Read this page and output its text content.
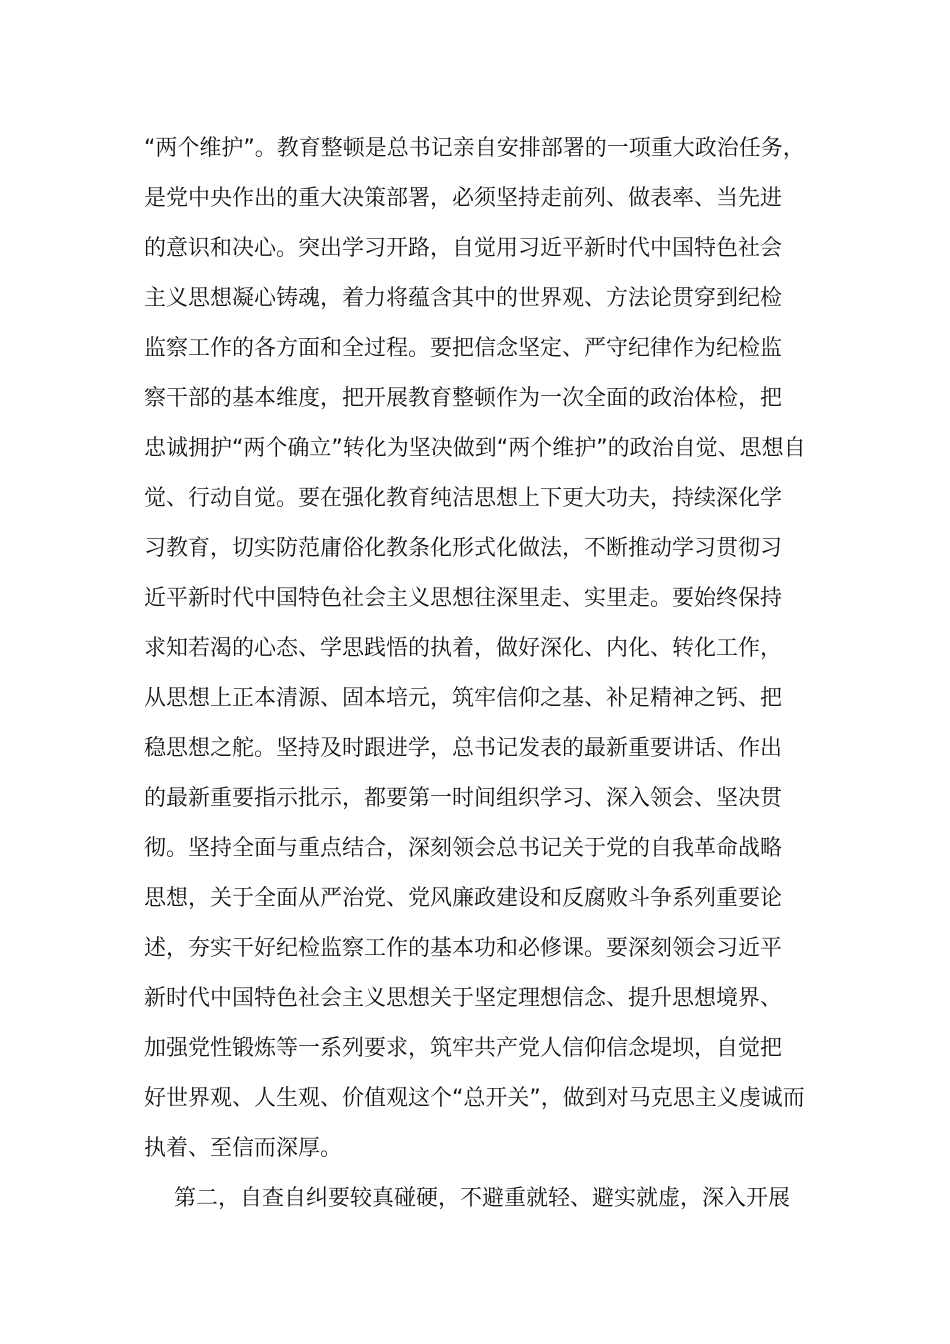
“两个维护”。教育整顿是总书记亲自安排部署的一项重大政治任务，
是党中央作出的重大决策部署，必须坚持走前列、做表率、当先进
的意识和决心。突出学习开路，自觉用习近平新时代中国特色社会
主义思想凝心铸魂，着力将蕴含其中的世界观、方法论贯穿到纪检
监察工作的各方面和全过程。要把信念坚定、严守纪律作为纪检监
察干部的基本维度，把开展教育整顿作为一次全面的政治体检，把
忠诚拥护“两个确立”转化为坚决做到“两个维护”的政治自觉、思想自
觉、行动自觉。要在强化教育纯洁思想上下更大功夫，持续深化学
习教育，切实防范庸俗化教条化形式化做法，不断推动学习贯彻习
近平新时代中国特色社会主义思想往深里走、实里走。要始终保持
求知若渴的心态、学思践悟的执着，做好深化、内化、转化工作，
从思想上正本清源、固本培元，筑牢信仰之基、补足精神之钙、把
稳思想之舵。坚持及时跟进学，总书记发表的最新重要讲话、作出
的最新重要指示批示，都要第一时间组织学习、深入领会、坚决贯
彻。坚持全面与重点结合，深刻领会总书记关于党的自我革命战略
思想，关于全面从严治党、党风廉政建设和反腐败斗争系列重要论
述，夯实干好纪检监察工作的基本功和必修课。要深刻领会习近平
新时代中国特色社会主义思想关于坚定理想信念、提升思想境界、
加强党性锻炼等一系列要求，筑牢共产党人信仰信念堤坝，自觉把
好世界观、人生观、价值观这个“总开关”，做到对马克思主义虔诚而
执着、至信而深厚。
第二，自查自纠要较真碰硬，不避重就轻、避实就虚，深入开展
